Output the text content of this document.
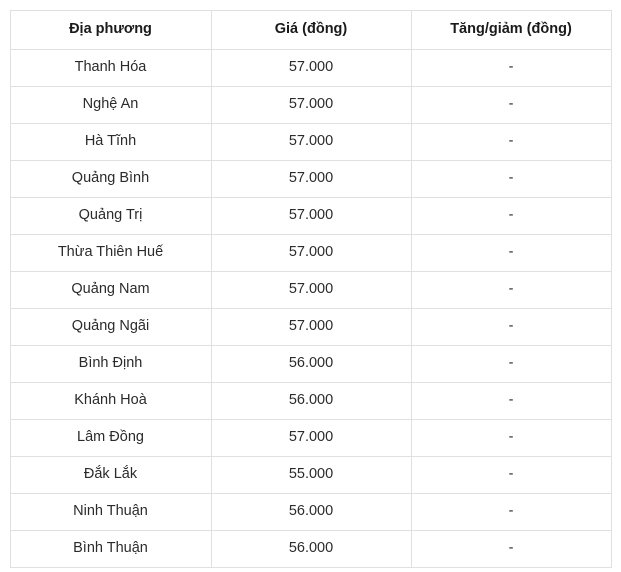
Địa phương	Giá (đồng)	Tăng/giảm (đồng)
Thanh Hóa	57.000	-
Nghệ An	57.000	-
Hà Tĩnh	57.000	-
Quảng Bình	57.000	-
Quảng Trị	57.000	-
Thừa Thiên Huế	57.000	-
Quảng Nam	57.000	-
Quảng Ngãi	57.000	-
Bình Định	56.000	-
Khánh Hoà	56.000	-
Lâm Đồng	57.000	-
Đắk Lắk	55.000	-
Ninh Thuận	56.000	-
Bình Thuận	56.000	-
